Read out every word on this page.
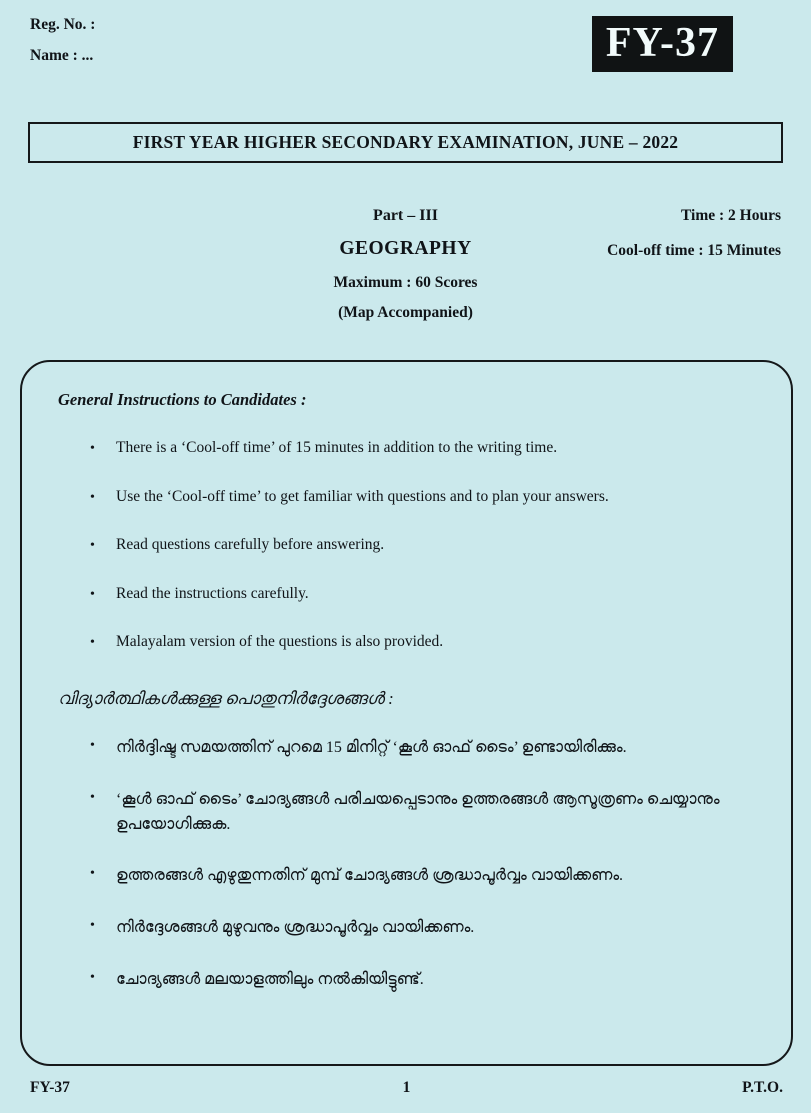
Reg. No. :
Name : ...	FY-37
FIRST YEAR HIGHER SECONDARY EXAMINATION, JUNE – 2022
Part – III
GEOGRAPHY
Maximum : 60 Scores
(Map Accompanied)
Time : 2 Hours
Cool-off time : 15 Minutes
General Instructions to Candidates :
•
There is a ‘Cool-off time’ of 15 minutes in addition to the writing time.
•
Use the ‘Cool-off time’ to get familiar with questions and to plan your answers.
•
Read questions carefully before answering.
•
Read the instructions carefully.
•
Malayalam version of the questions is also provided.
വിദ്യാർത്ഥികൾക്കുള്ള പൊതുനിർദ്ദേശങ്ങൾ :
•
നിർദ്ദിഷ്ട സമയത്തിന് പുറമെ 15 മിനിറ്റ് ‘കൂൾ ഓഫ് ടൈം’ ഉണ്ടായിരിക്കും.
•
‘കൂൾ ഓഫ് ടൈം’ ചോദ്യങ്ങൾ പരിചയപ്പെടാനും ഉത്തരങ്ങൾ ആസൂത്രണം ചെയ്യാനും ഉപയോഗിക്കുക.
•
ഉത്തരങ്ങൾ എഴുതുന്നതിന് മുമ്പ് ചോദ്യങ്ങൾ ശ്രദ്ധാപൂർവ്വം വായിക്കണം.
•
നിർദ്ദേശങ്ങൾ മുഴുവനും ശ്രദ്ധാപൂർവ്വം വായിക്കണം.
•
ചോദ്യങ്ങൾ മലയാളത്തിലും നൽകിയിട്ടുണ്ട്.
FY-37	1	P.T.O.
